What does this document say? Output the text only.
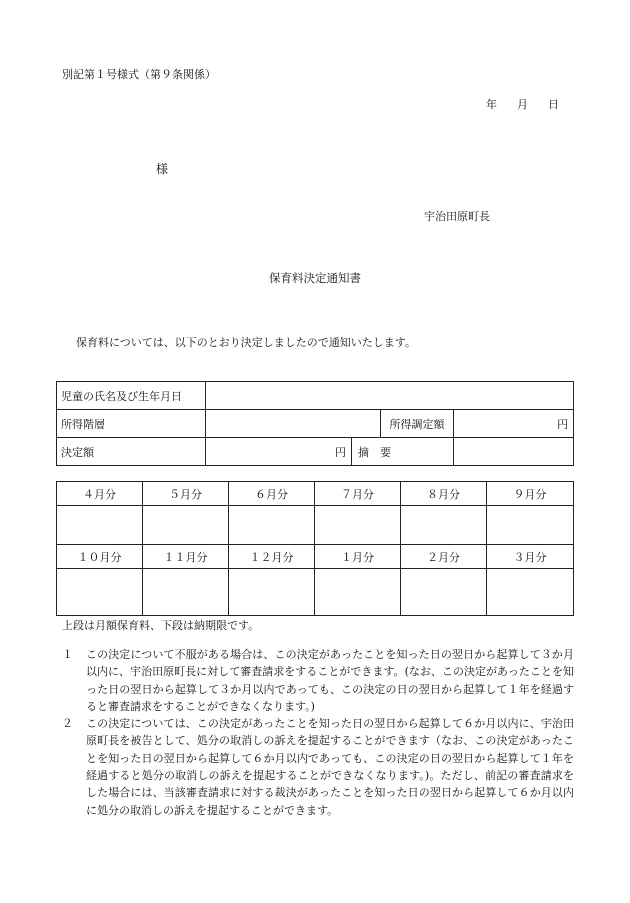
別記第１号様式（第９条関係）
年 月 日
様
宇治田原町長
保育料決定通知書
保育料については、以下のとおり決定しましたので通知いたします。
児童の氏名及び生年月日				
所得階層			所得調定額	円
決定額	円	摘　要		
４月分	５月分	６月分	７月分	８月分	９月分

１０月分	１１月分	１２月分	１月分	２月分	３月分

上段は月額保育料、下段は納期限です。
１	この決定について不服がある場合は、この決定があったことを知った日の翌日から起算して３か月以内に、宇治田原町長に対して審査請求をすることができます。(なお、この決定があったことを知った日の翌日から起算して３か月以内であっても、この決定の日の翌日から起算して１年を経過すると審査請求をすることができなくなります。)
２	この決定については、この決定があったことを知った日の翌日から起算して６か月以内に、宇治田原町長を被告として、処分の取消しの訴えを提起することができます（なお、この決定があったことを知った日の翌日から起算して６か月以内であっても、この決定の日の翌日から起算して１年を経過すると処分の取消しの訴えを提起することができなくなります。)。ただし、前記の審査請求をした場合には、当該審査請求に対する裁決があったことを知った日の翌日から起算して６か月以内に処分の取消しの訴えを提起することができます。
